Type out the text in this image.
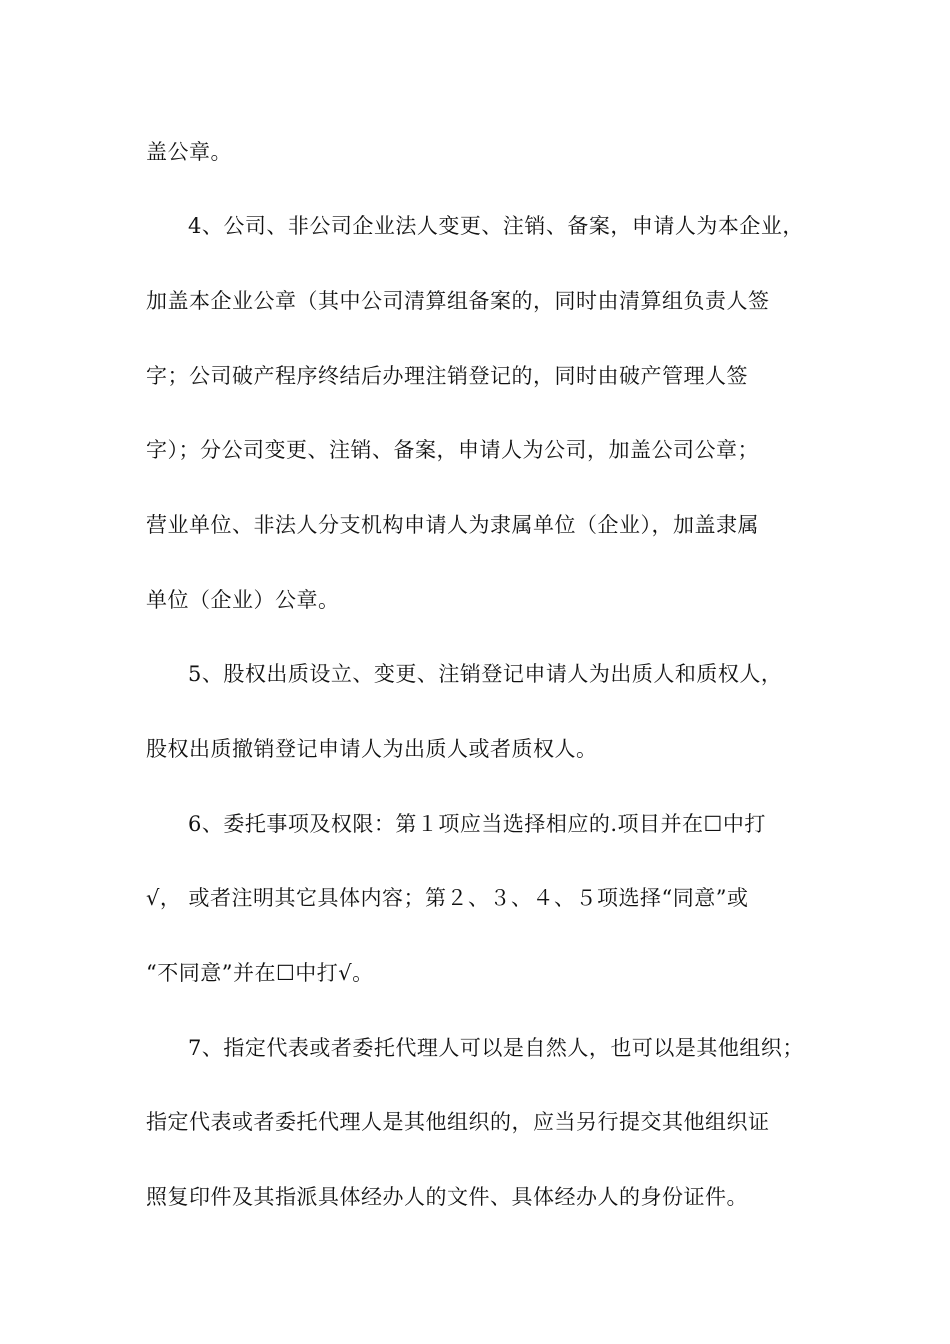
盖公章。
4、公司、非公司企业法人变更、注销、备案，申请人为本企业，
加盖本企业公章（其中公司清算组备案的，同时由清算组负责人签
字；公司破产程序终结后办理注销登记的，同时由破产管理人签
字）；分公司变更、注销、备案，申请人为公司，加盖公司公章；
营业单位、非法人分支机构申请人为隶属单位（企业），加盖隶属
单位（企业）公章。
5、股权出质设立、变更、注销登记申请人为出质人和质权人，
股权出质撤销登记申请人为出质人或者质权人。
6、委托事项及权限：第１项应当选择相应的.项目并在☐中打
√， 或者注明其它具体内容；第２、３、４、５项选择“同意”或
“不同意”并在☐中打√。
7、指定代表或者委托代理人可以是自然人，也可以是其他组织；
指定代表或者委托代理人是其他组织的，应当另行提交其他组织证
照复印件及其指派具体经办人的文件、具体经办人的身份证件。
